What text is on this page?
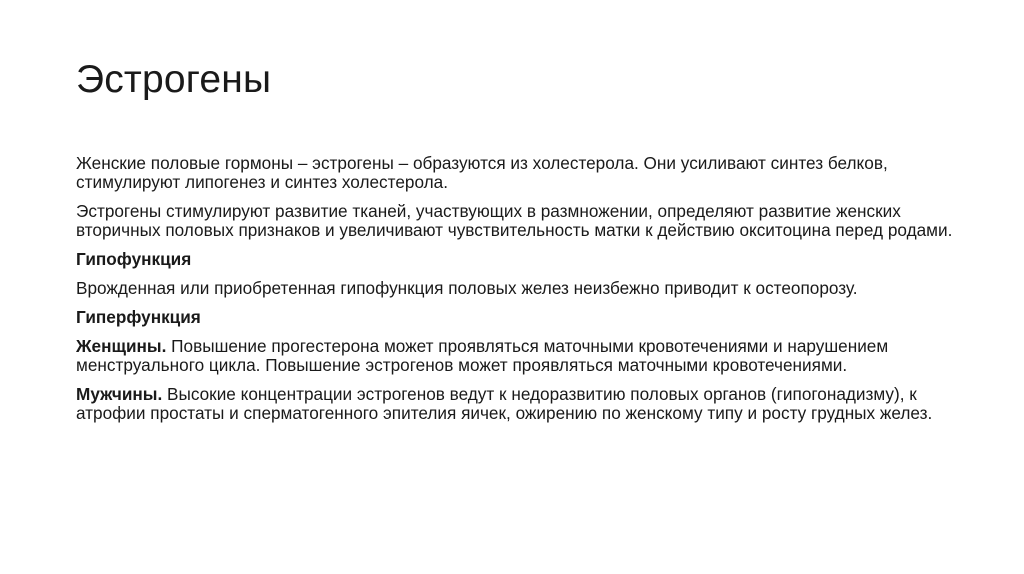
Эстрогены

Женские половые гормоны – эстрогены – образуются из холестерола. Они усиливают синтез белков, стимулируют липогенез и синтез холестерола.

Эстрогены стимулируют развитие тканей, участвующих в размножении, определяют развитие женских вторичных половых признаков и увеличивают чувствительность матки к действию окситоцина перед родами.

Гипофункция

Врожденная или приобретенная гипофункция половых желез неизбежно приводит к остеопорозу.

Гиперфункция

Женщины. Повышение прогестерона может проявляться маточными кровотечениями и нарушением менструального цикла. Повышение эстрогенов может проявляться маточными кровотечениями.

Мужчины. Высокие концентрации эстрогенов ведут к недоразвитию половых органов (гипогонадизму), к атрофии простаты и сперматогенного эпителия яичек, ожирению по женскому типу и росту грудных желез.
